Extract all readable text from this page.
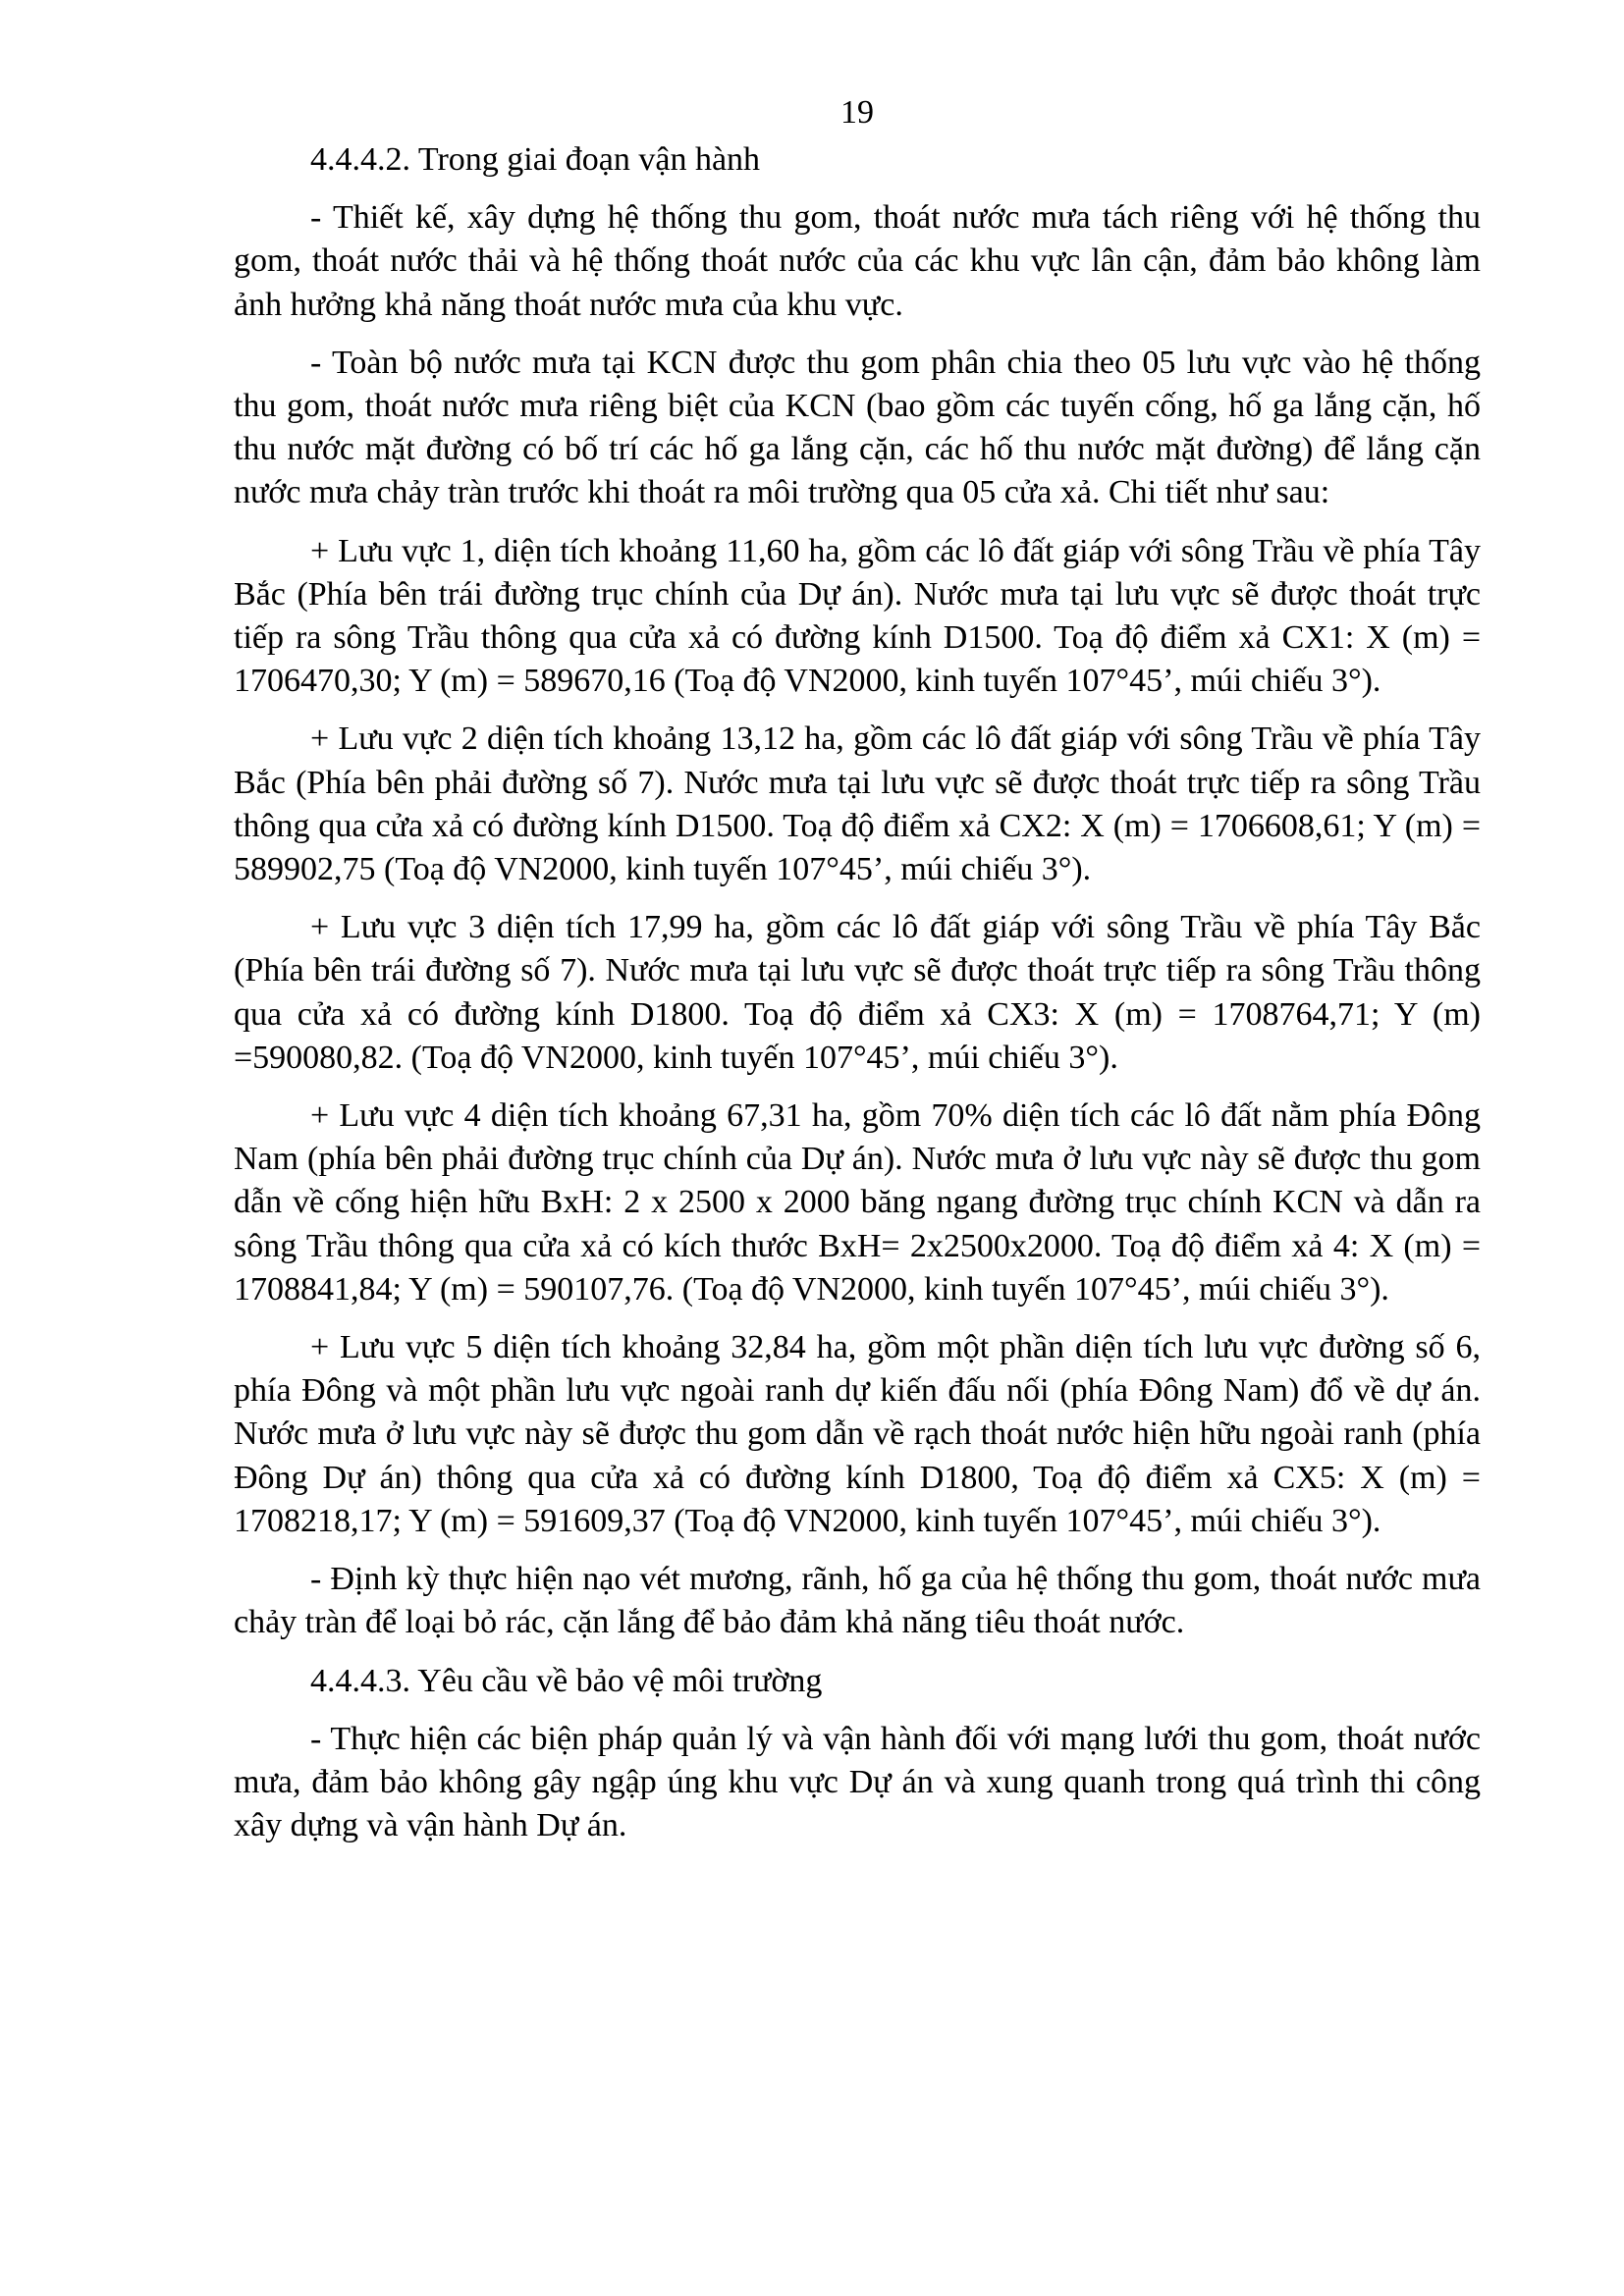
19

4.4.4.2. Trong giai đoạn vận hành

- Thiết kế, xây dựng hệ thống thu gom, thoát nước mưa tách riêng với hệ thống thu gom, thoát nước thải và hệ thống thoát nước của các khu vực lân cận, đảm bảo không làm ảnh hưởng khả năng thoát nước mưa của khu vực.

- Toàn bộ nước mưa tại KCN được thu gom phân chia theo 05 lưu vực vào hệ thống thu gom, thoát nước mưa riêng biệt của KCN (bao gồm các tuyến cống, hố ga lắng cặn, hố thu nước mặt đường có bố trí các hố ga lắng cặn, các hố thu nước mặt đường) để lắng cặn nước mưa chảy tràn trước khi thoát ra môi trường qua 05 cửa xả. Chi tiết như sau:

+ Lưu vực 1, diện tích khoảng 11,60 ha, gồm các lô đất giáp với sông Trầu về phía Tây Bắc (Phía bên trái đường trục chính của Dự án). Nước mưa tại lưu vực sẽ được thoát trực tiếp ra sông Trầu thông qua cửa xả có đường kính D1500. Toạ độ điểm xả CX1: X (m) = 1706470,30; Y (m) = 589670,16 (Toạ độ VN2000, kinh tuyến 107°45’, múi chiếu 3°).

+ Lưu vực 2 diện tích khoảng 13,12 ha, gồm các lô đất giáp với sông Trầu về phía Tây Bắc (Phía bên phải đường số 7). Nước mưa tại lưu vực sẽ được thoát trực tiếp ra sông Trầu thông qua cửa xả có đường kính D1500. Toạ độ điểm xả CX2: X (m) = 1706608,61; Y (m) = 589902,75 (Toạ độ VN2000, kinh tuyến 107°45’, múi chiếu 3°).

+ Lưu vực 3 diện tích 17,99 ha, gồm các lô đất giáp với sông Trầu về phía Tây Bắc (Phía bên trái đường số 7). Nước mưa tại lưu vực sẽ được thoát trực tiếp ra sông Trầu thông qua cửa xả có đường kính D1800. Toạ độ điểm xả CX3: X (m) = 1708764,71; Y (m) =590080,82. (Toạ độ VN2000, kinh tuyến 107°45’, múi chiếu 3°).

+ Lưu vực 4 diện tích khoảng 67,31 ha, gồm 70% diện tích các lô đất nằm phía Đông Nam (phía bên phải đường trục chính của Dự án). Nước mưa ở lưu vực này sẽ được thu gom dẫn về cống hiện hữu BxH: 2 x 2500 x 2000 băng ngang đường trục chính KCN và dẫn ra sông Trầu thông qua cửa xả có kích thước BxH= 2x2500x2000. Toạ độ điểm xả 4: X (m) = 1708841,84; Y (m) = 590107,76. (Toạ độ VN2000, kinh tuyến 107°45’, múi chiếu 3°).

+ Lưu vực 5 diện tích khoảng 32,84 ha, gồm một phần diện tích lưu vực đường số 6, phía Đông và một phần lưu vực ngoài ranh dự kiến đấu nối (phía Đông Nam) đổ về dự án. Nước mưa ở lưu vực này sẽ được thu gom dẫn về rạch thoát nước hiện hữu ngoài ranh (phía Đông Dự án) thông qua cửa xả có đường kính D1800, Toạ độ điểm xả CX5: X (m) = 1708218,17; Y (m) = 591609,37 (Toạ độ VN2000, kinh tuyến 107°45’, múi chiếu 3°).

- Định kỳ thực hiện nạo vét mương, rãnh, hố ga của hệ thống thu gom, thoát nước mưa chảy tràn để loại bỏ rác, cặn lắng để bảo đảm khả năng tiêu thoát nước.

4.4.4.3. Yêu cầu về bảo vệ môi trường

- Thực hiện các biện pháp quản lý và vận hành đối với mạng lưới thu gom, thoát nước mưa, đảm bảo không gây ngập úng khu vực Dự án và xung quanh trong quá trình thi công xây dựng và vận hành Dự án.
